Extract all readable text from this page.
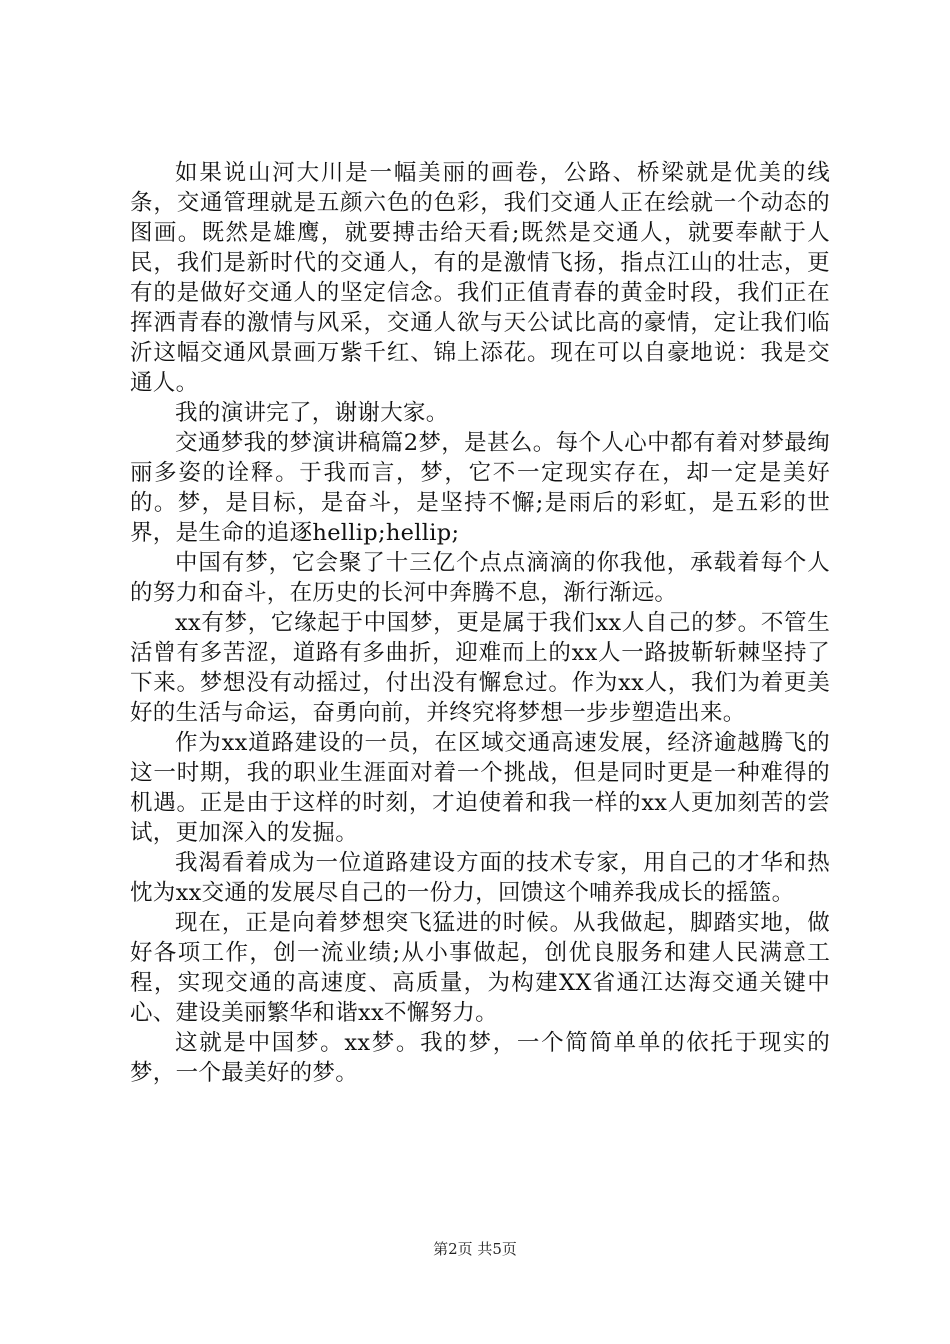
如果说山河大川是一幅美丽的画卷，公路、桥梁就是优美的线条，交通管理就是五颜六色的色彩，我们交通人正在绘就一个动态的图画。既然是雄鹰，就要搏击给天看;既然是交通人，就要奉献于人民，我们是新时代的交通人，有的是激情飞扬，指点江山的壮志，更有的是做好交通人的坚定信念。我们正值青春的黄金时段，我们正在挥洒青春的激情与风采，交通人欲与天公试比高的豪情，定让我们临沂这幅交通风景画万紫千红、锦上添花。现在可以自豪地说：我是交通人。

我的演讲完了，谢谢大家。

交通梦我的梦演讲稿篇2梦，是甚么。每个人心中都有着对梦最绚丽多姿的诠释。于我而言，梦，它不一定现实存在，却一定是美好的。梦，是目标，是奋斗，是坚持不懈;是雨后的彩虹，是五彩的世界，是生命的追逐hellip;hellip;

中国有梦，它会聚了十三亿个点点滴滴的你我他，承载着每个人的努力和奋斗，在历史的长河中奔腾不息，渐行渐远。

xx有梦，它缘起于中国梦，更是属于我们xx人自己的梦。不管生活曾有多苦涩，道路有多曲折，迎难而上的xx人一路披靳斩棘坚持了下来。梦想没有动摇过，付出没有懈怠过。作为xx人，我们为着更美好的生活与命运，奋勇向前，并终究将梦想一步步塑造出来。

作为xx道路建设的一员，在区域交通高速发展，经济逾越腾飞的这一时期，我的职业生涯面对着一个挑战，但是同时更是一种难得的机遇。正是由于这样的时刻，才迫使着和我一样的xx人更加刻苦的尝试，更加深入的发掘。

我渴看着成为一位道路建设方面的技术专家，用自己的才华和热忱为xx交通的发展尽自己的一份力，回馈这个哺养我成长的摇篮。

现在，正是向着梦想突飞猛进的时候。从我做起，脚踏实地，做好各项工作，创一流业绩;从小事做起，创优良服务和建人民满意工程，实现交通的高速度、高质量，为构建XX省通江达海交通关键中心、建设美丽繁华和谐xx不懈努力。

这就是中国梦。xx梦。我的梦，一个简简单单的依托于现实的梦，一个最美好的梦。

第2页 共5页
